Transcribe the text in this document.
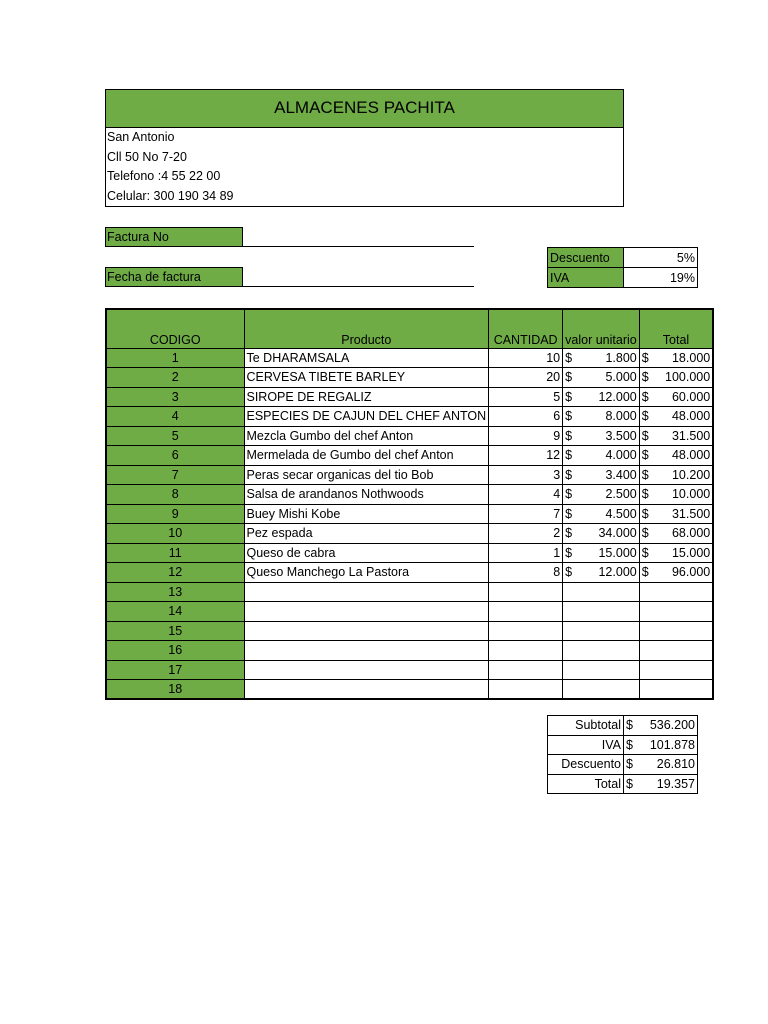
ALMACENES PACHITA
San Antonio
Cll 50 No 7-20
Telefono :4 55 22 00
Celular: 300 190 34 89
Factura No
Fecha de factura
Descuento	5%
IVA	19%
CODIGO	Producto	CANTIDAD	valor unitario	Total
1	Te DHARAMSALA	10	$ 1.800	$ 18.000

2	CERVESA TIBETE BARLEY	20	$ 5.000	$ 100.000

3	SIROPE DE REGALIZ	5	$ 12.000	$ 60.000

4	ESPECIES DE CAJUN DEL CHEF ANTON	6	$ 8.000	$ 48.000

5	Mezcla Gumbo del chef Anton	9	$ 3.500	$ 31.500

6	Mermelada de Gumbo del chef Anton	12	$ 4.000	$ 48.000

7	Peras secar organicas del tio Bob	3	$ 3.400	$ 10.200

8	Salsa de arandanos Nothwoods	4	$ 2.500	$ 10.000

9	Buey Mishi Kobe	7	$ 4.500	$ 31.500

10	Pez espada	2	$ 34.000	$ 68.000

11	Queso de cabra	1	$ 15.000	$ 15.000

12	Queso Manchego La Pastora	8	$ 12.000	$ 96.000

13				
14				
15				
16				
17				
18				
Subtotal	$ 536.200

IVA	$ 101.878

Descuento	$ 26.810

Total	$ 19.357
